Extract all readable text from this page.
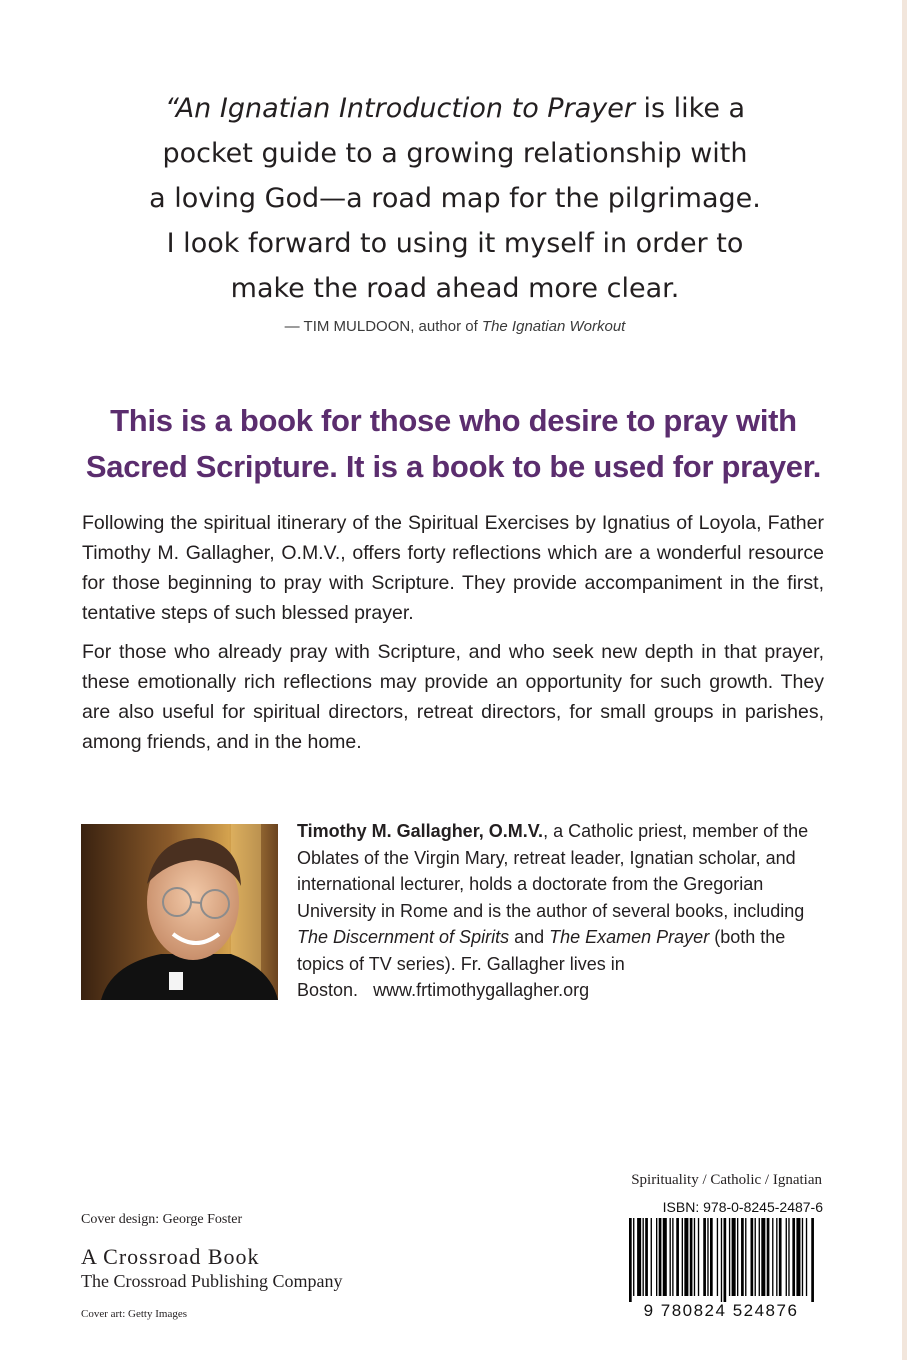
“An Ignatian Introduction to Prayer is like a
pocket guide to a growing relationship with
a loving God—a road map for the pilgrimage.
I look forward to using it myself in order to
make the road ahead more clear.
— TIM MULDOON, author of The Ignatian Workout
This is a book for those who desire to pray with
Sacred Scripture. It is a book to be used for prayer.

Following the spiritual itinerary of the Spiritual Exercises by Ignatius of Loyola, Father Timothy M. Gallagher, O.M.V., offers forty reflections which are a wonderful resource for those beginning to pray with Scripture. They provide accompaniment in the first, tentative steps of such blessed prayer.

For those who already pray with Scripture, and who seek new depth in that prayer, these emotionally rich reflections may provide an opportunity for such growth. They are also useful for spiritual directors, retreat directors, for small groups in parishes, among friends, and in the home.

Timothy M. Gallagher, O.M.V., a Catholic priest, member of the Oblates of the Virgin Mary, retreat leader, Ignatian scholar, and international lecturer, holds a doctorate from the Gregorian University in Rome and is the author of several books, including The Discernment of Spirits and The Examen Prayer (both the topics of TV series). Fr. Gallagher lives in Boston. www.frtimothygallagher.org
Spirituality / Catholic / Ignatian
ISBN: 978-0-8245-2487-6
9 780824 524876
Cover design: George Foster
A Crossroad Book
The Crossroad Publishing Company
Cover art: Getty Images
